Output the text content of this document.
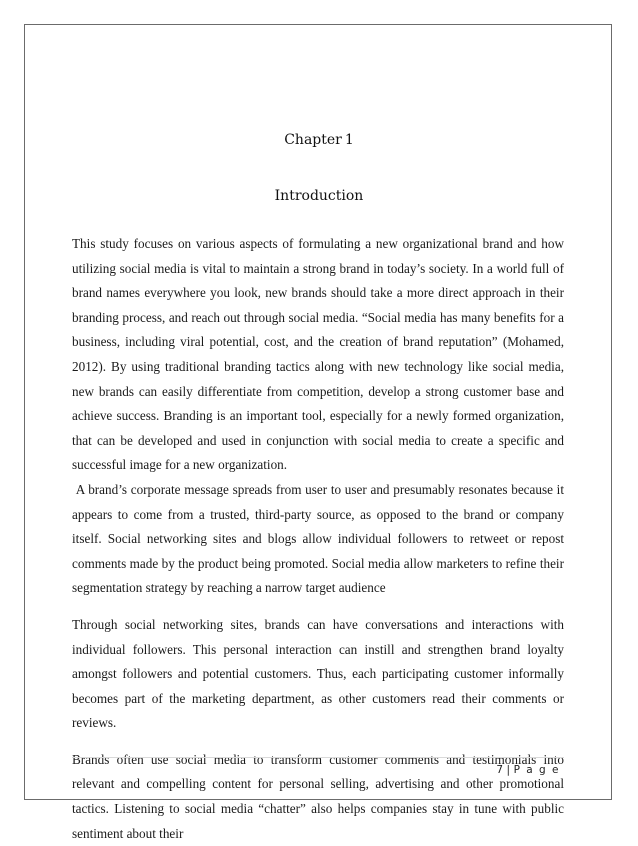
Chapter 1
Introduction

This study focuses on various aspects of formulating a new organizational brand and how utilizing social media is vital to maintain a strong brand in today’s society. In a world full of brand names everywhere you look, new brands should take a more direct approach in their branding process, and reach out through social media. “Social media has many benefits for a business, including viral potential, cost, and the creation of brand reputation” (Mohamed, 2012). By using traditional branding tactics along with new technology like social media, new brands can easily differentiate from competition, develop a strong customer base and achieve success. Branding is an important tool, especially for a newly formed organization, that can be developed and used in conjunction with social media to create a specific and successful image for a new organization.

A brand’s corporate message spreads from user to user and presumably resonates because it appears to come from a trusted, third-party source, as opposed to the brand or company itself. Social networking sites and blogs allow individual followers to retweet or repost comments made by the product being promoted. Social media allow marketers to refine their segmentation strategy by reaching a narrow target audience

Through social networking sites, brands can have conversations and interactions with individual followers. This personal interaction can instill and strengthen brand loyalty amongst followers and potential customers. Thus, each participating customer informally becomes part of the marketing department, as other customers read their comments or reviews.

Brands often use social media to transform customer comments and testimonials into relevant and compelling content for personal selling, advertising and other promotional tactics. Listening to social media “chatter” also helps companies stay in tune with public sentiment about their

7 | P a g e
